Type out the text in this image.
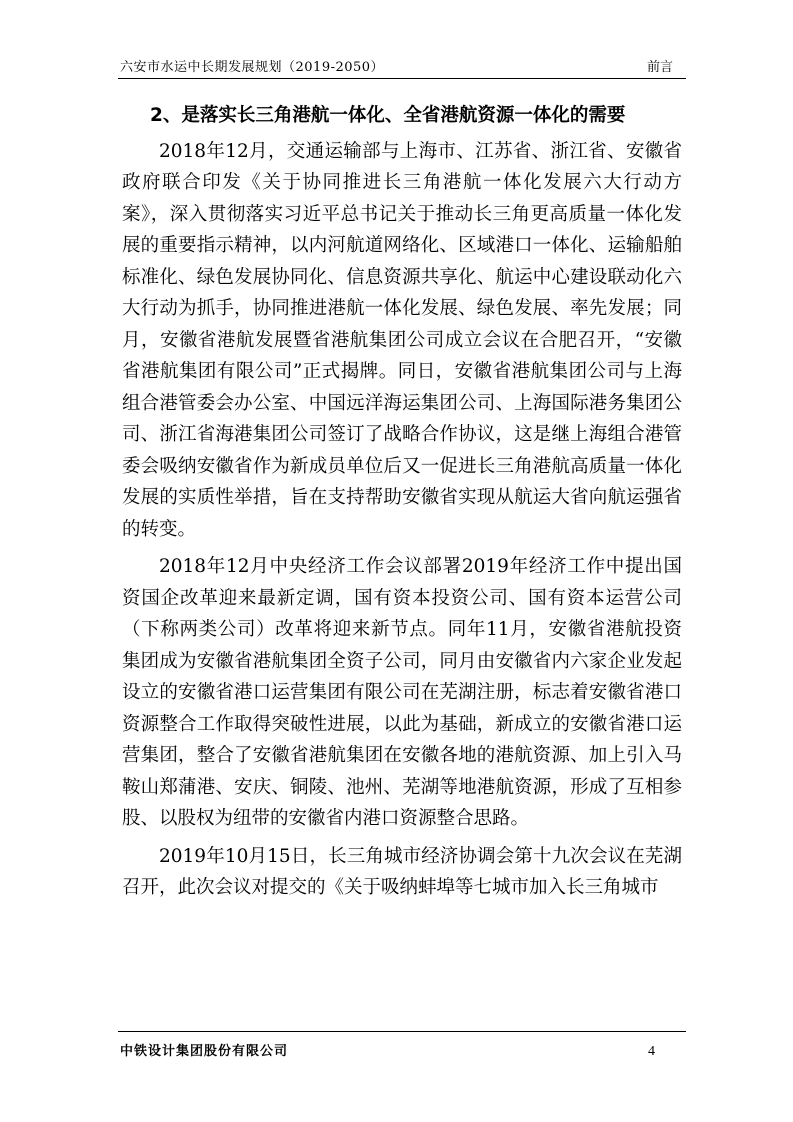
六安市水运中长期发展规划（2019-2050）	前言
2、是落实长三角港航一体化、全省港航资源一体化的需要

2018年12月，交通运输部与上海市、江苏省、浙江省、安徽省政府联合印发《关于协同推进长三角港航一体化发展六大行动方案》，深入贯彻落实习近平总书记关于推动长三角更高质量一体化发展的重要指示精神，以内河航道网络化、区域港口一体化、运输船舶标准化、绿色发展协同化、信息资源共享化、航运中心建设联动化六大行动为抓手，协同推进港航一体化发展、绿色发展、率先发展；同月，安徽省港航发展暨省港航集团公司成立会议在合肥召开，“安徽省港航集团有限公司”正式揭牌。同日，安徽省港航集团公司与上海组合港管委会办公室、中国远洋海运集团公司、上海国际港务集团公司、浙江省海港集团公司签订了战略合作协议，这是继上海组合港管委会吸纳安徽省作为新成员单位后又一促进长三角港航高质量一体化发展的实质性举措，旨在支持帮助安徽省实现从航运大省向航运强省的转变。

2018年12月中央经济工作会议部署2019年经济工作中提出国资国企改革迎来最新定调，国有资本投资公司、国有资本运营公司（下称两类公司）改革将迎来新节点。同年11月，安徽省港航投资集团成为安徽省港航集团全资子公司，同月由安徽省内六家企业发起设立的安徽省港口运营集团有限公司在芜湖注册，标志着安徽省港口资源整合工作取得突破性进展，以此为基础，新成立的安徽省港口运营集团，整合了安徽省港航集团在安徽各地的港航资源、加上引入马鞍山郑蒲港、安庆、铜陵、池州、芜湖等地港航资源，形成了互相参股、以股权为纽带的安徽省内港口资源整合思路。

2019年10月15日，长三角城市经济协调会第十九次会议在芜湖召开，此次会议对提交的《关于吸纳蚌埠等七城市加入长三角城市

中铁设计集团股份有限公司	4
